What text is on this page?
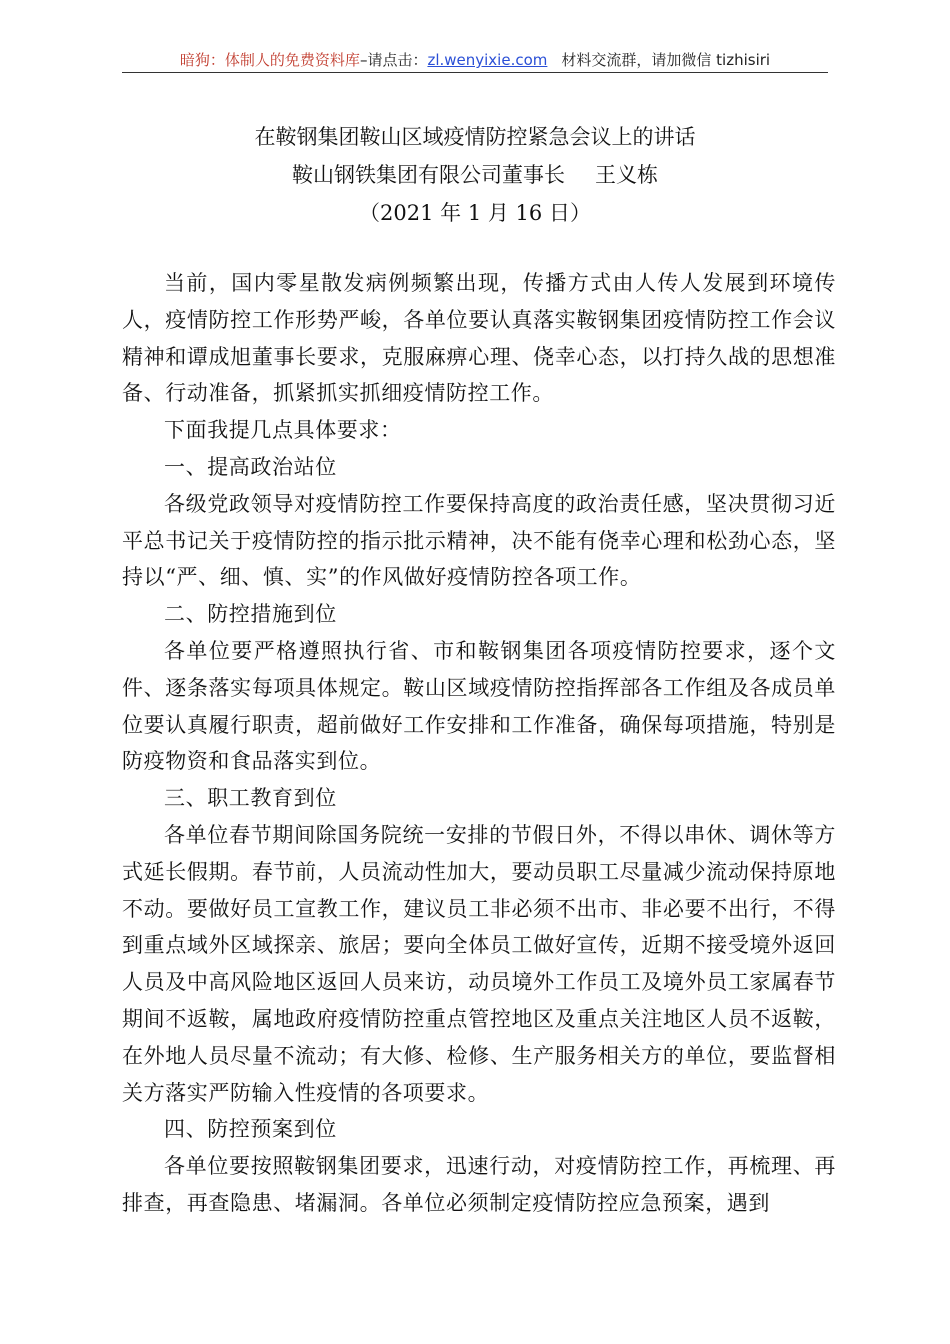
暗狗：体制人的免费资料库–请点击：zl.wenyixie.com 材料交流群，请加微信 tizhisiri
在鞍钢集团鞍山区域疫情防控紧急会议上的讲话
鞍山钢铁集团有限公司董事长 王义栋
（2021 年 1 月 16 日）

当前，国内零星散发病例频繁出现，传播方式由人传人发展到环境传人，疫情防控工作形势严峻，各单位要认真落实鞍钢集团疫情防控工作会议精神和谭成旭董事长要求，克服麻痹心理、侥幸心态，以打持久战的思想准备、行动准备，抓紧抓实抓细疫情防控工作。

下面我提几点具体要求：

一、提高政治站位

各级党政领导对疫情防控工作要保持高度的政治责任感，坚决贯彻习近平总书记关于疫情防控的指示批示精神，决不能有侥幸心理和松劲心态，坚持以“严、细、慎、实”的作风做好疫情防控各项工作。

二、防控措施到位

各单位要严格遵照执行省、市和鞍钢集团各项疫情防控要求，逐个文件、逐条落实每项具体规定。鞍山区域疫情防控指挥部各工作组及各成员单位要认真履行职责，超前做好工作安排和工作准备，确保每项措施，特别是防疫物资和食品落实到位。

三、职工教育到位

各单位春节期间除国务院统一安排的节假日外，不得以串休、调休等方式延长假期。春节前，人员流动性加大，要动员职工尽量减少流动保持原地不动。要做好员工宣教工作，建议员工非必须不出市、非必要不出行，不得到重点域外区域探亲、旅居；要向全体员工做好宣传，近期不接受境外返回人员及中高风险地区返回人员来访，动员境外工作员工及境外员工家属春节期间不返鞍，属地政府疫情防控重点管控地区及重点关注地区人员不返鞍，在外地人员尽量不流动；有大修、检修、生产服务相关方的单位，要监督相关方落实严防输入性疫情的各项要求。

四、防控预案到位

各单位要按照鞍钢集团要求，迅速行动，对疫情防控工作，再梳理、再排查，再查隐患、堵漏洞。各单位必须制定疫情防控应急预案，遇到
